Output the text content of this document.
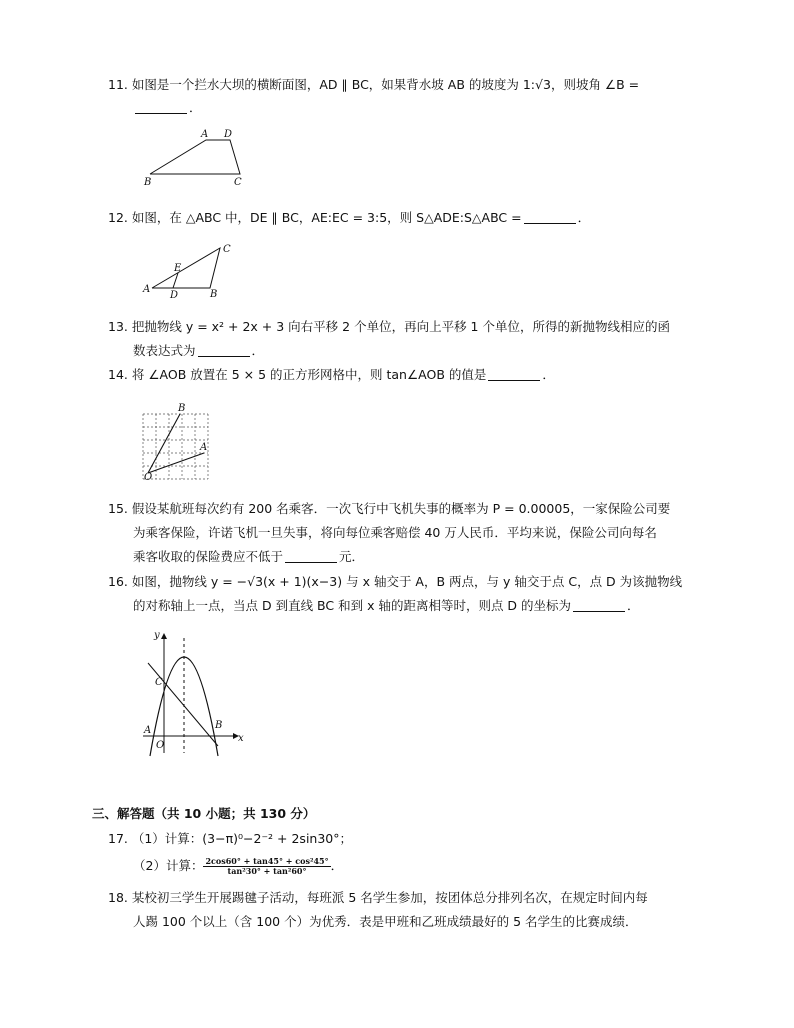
11. 如图是一个拦水大坝的横断面图，AD ∥ BC，如果背水坡 AB 的坡度为 1:√3，则坡角 ∠B =
．
A D
B	C
12. 如图，在 △ABC 中，DE ∥ BC，AE:EC = 3:5，则 S△ADE:S△ABC =	．
A
C
B
D
E
13. 把抛物线 y = x² + 2x + 3 向右平移 2 个单位，再向上平移 1 个单位，所得的新抛物线相应的函
数表达式为	．
14. 将 ∠AOB 放置在 5 × 5 的正方形网格中，则 tan∠AOB 的值是	．
B
A
O
15. 假设某航班每次约有 200 名乘客．一次飞行中飞机失事的概率为 P = 0.00005，一家保险公司要
为乘客保险，许诺飞机一旦失事，将向每位乘客赔偿 40 万人民币．平均来说，保险公司向每名
乘客收取的保险费应不低于	元．
16. 如图，抛物线 y = −√3(x + 1)(x−3) 与 x 轴交于 A，B 两点，与 y 轴交于点 C，点 D 为该抛物线
的对称轴上一点，当点 D 到直线 BC 和到 x 轴的距离相等时，则点 D 的坐标为	．
y
x
C
A
O
B
三、解答题（共 10 小题；共 130 分）
17. （1）计算：(3−π)⁰−2⁻² + 2sin30°；
（2）计算： $\frac{\text{2cos60° + tan45° + cos²45°}}{\text{tan²30° + tan²60°}}$ ．
18. 某校初三学生开展踢毽子活动，每班派 5 名学生参加，按团体总分排列名次，在规定时间内每
人踢 100 个以上（含 100 个）为优秀．表是甲班和乙班成绩最好的 5 名学生的比赛成绩．
